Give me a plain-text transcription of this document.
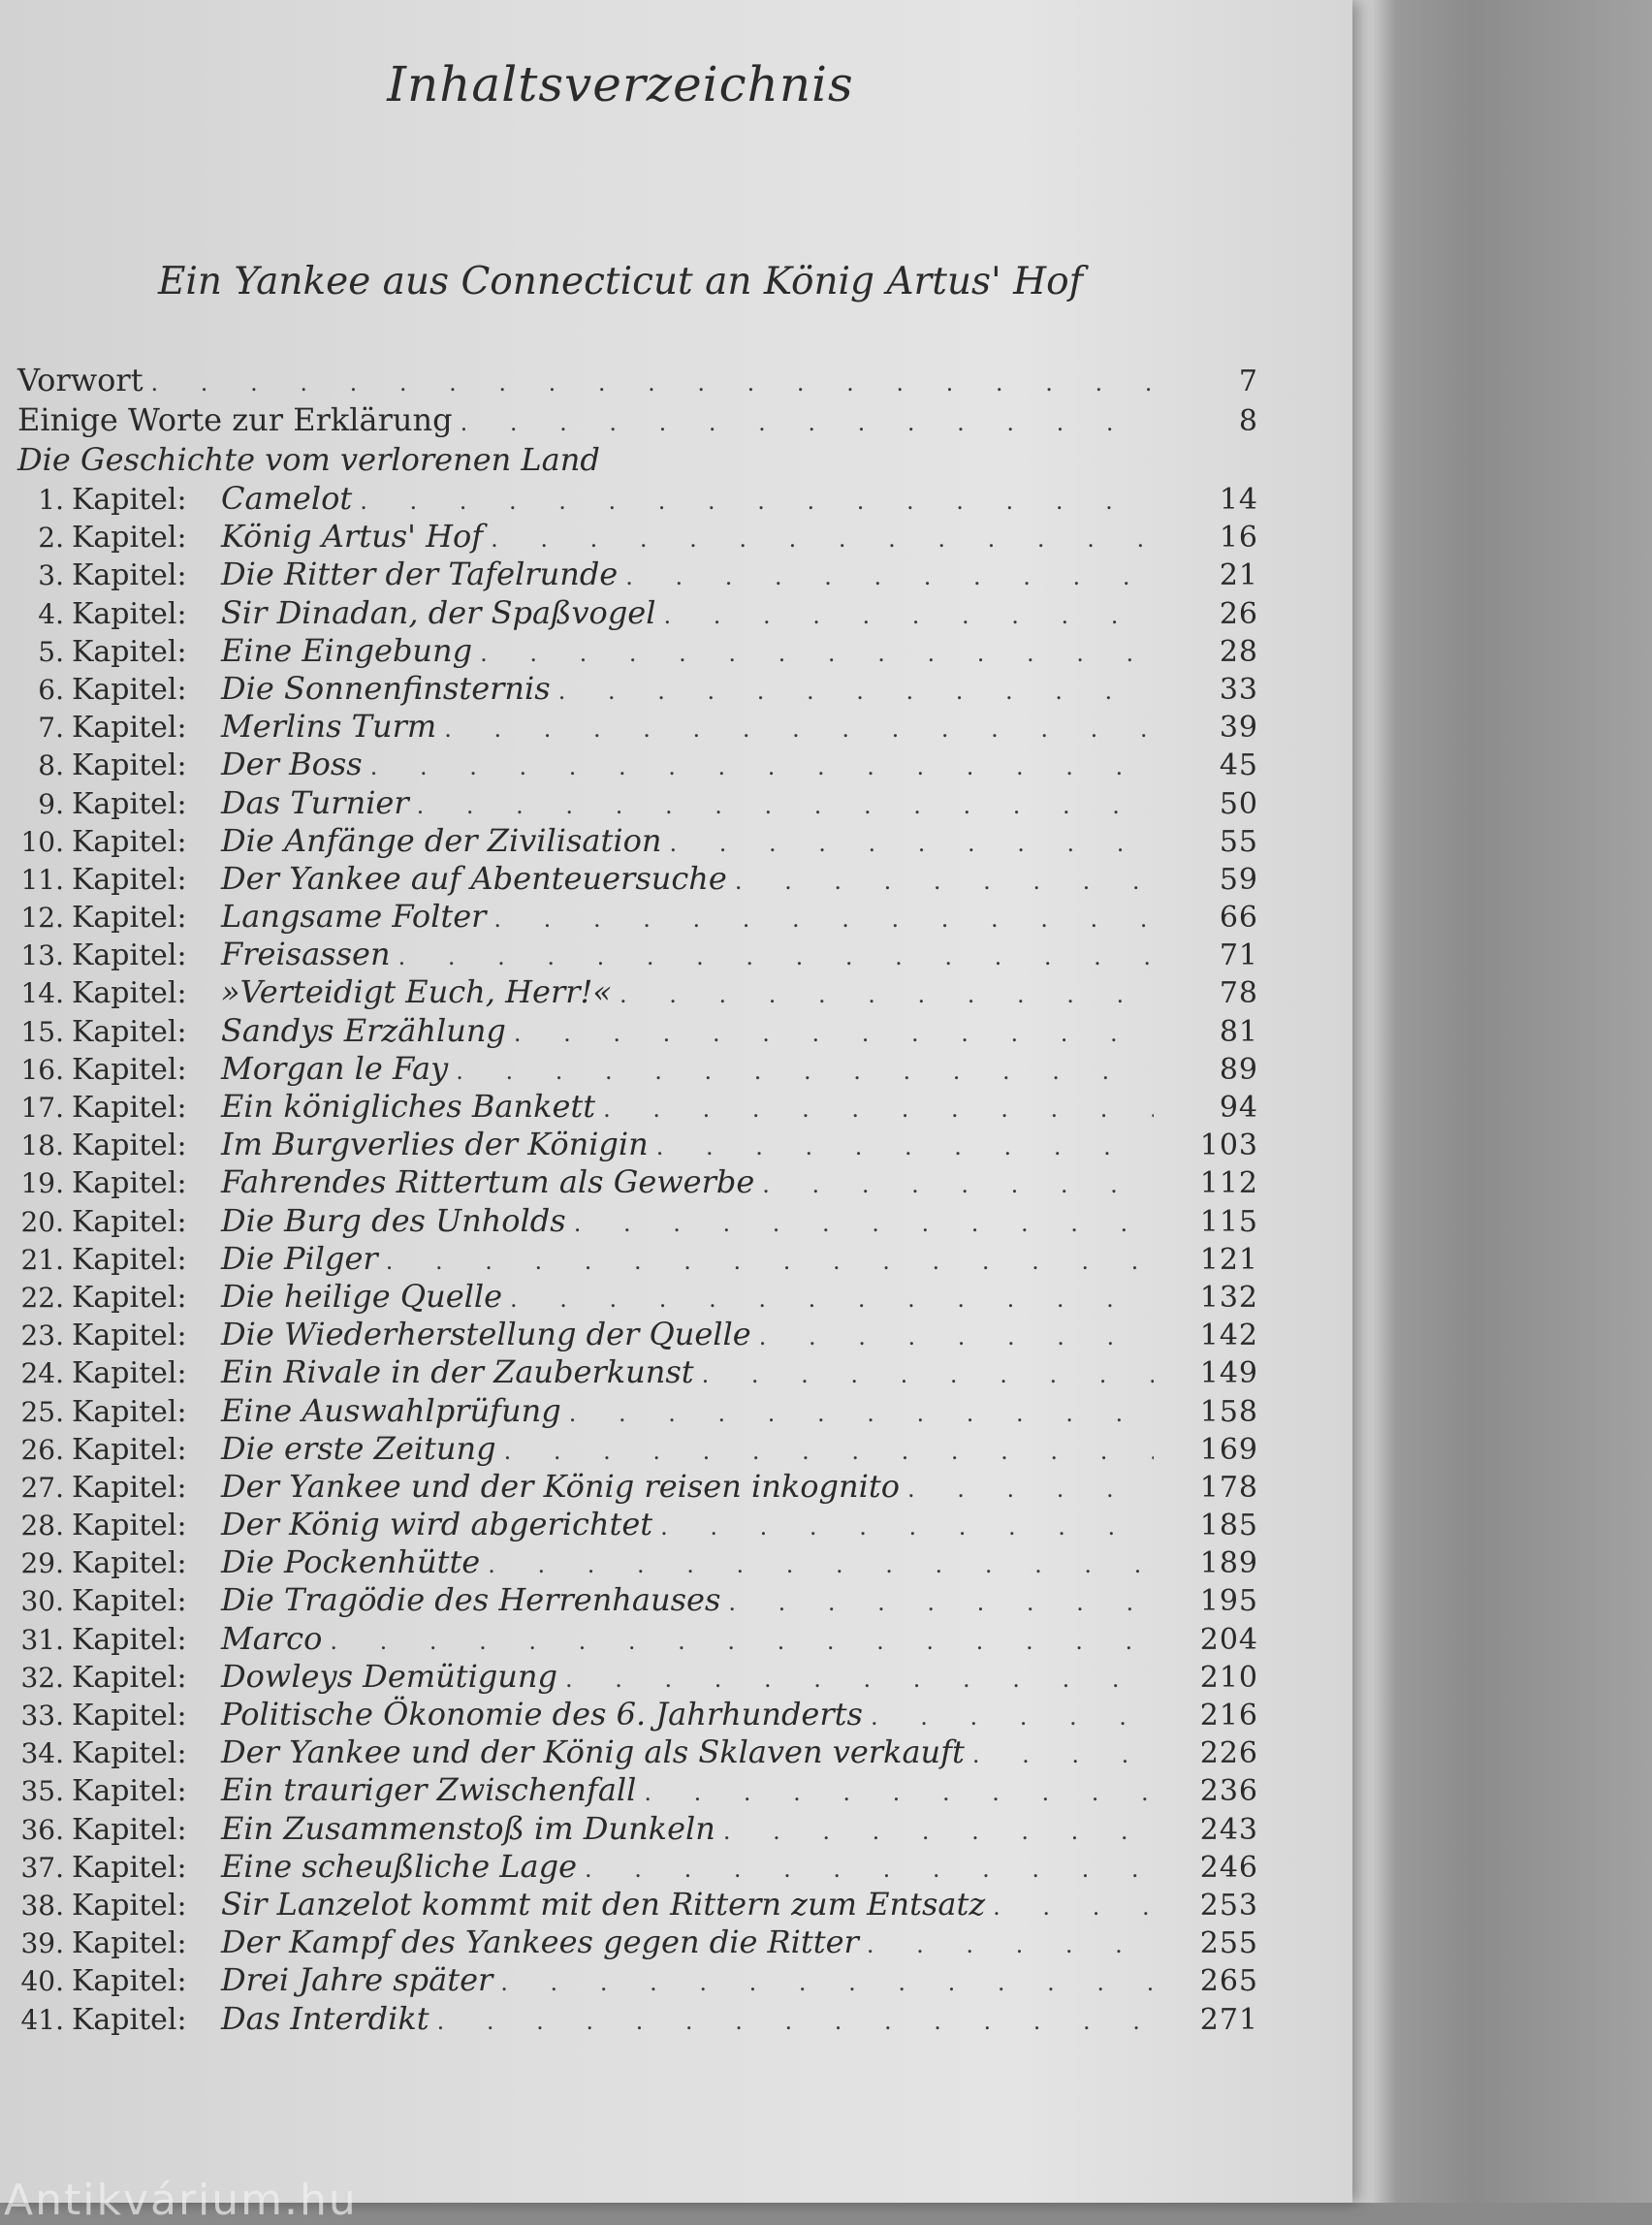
Inhaltsverzeichnis
Ein Yankee aus Connecticut an König Artus' Hof
Vorwort . . .	7
Einige Worte zur Erklärung . . .	8
Die Geschichte vom verlorenen Land
1. Kapitel:	Camelot . . .	14
2. Kapitel:	König Artus' Hof . . .	16
3. Kapitel:	Die Ritter der Tafelrunde . . .	21
4. Kapitel:	Sir Dinadan, der Spaßvogel . . .	26
5. Kapitel:	Eine Eingebung . . .	28
6. Kapitel:	Die Sonnenfinsternis . . .	33
7. Kapitel:	Merlins Turm . . .	39
8. Kapitel:	Der Boss . . .	45
9. Kapitel:	Das Turnier . . .	50
10. Kapitel:	Die Anfänge der Zivilisation . . .	55
11. Kapitel:	Der Yankee auf Abenteuersuche . . .	59
12. Kapitel:	Langsame Folter . . .	66
13. Kapitel:	Freisassen . . .	71
14. Kapitel:	»Verteidigt Euch, Herr!« . . .	78
15. Kapitel:	Sandys Erzählung . . .	81
16. Kapitel:	Morgan le Fay . . .	89
17. Kapitel:	Ein königliches Bankett . . .	94
18. Kapitel:	Im Burgverlies der Königin . . .	103
19. Kapitel:	Fahrendes Rittertum als Gewerbe . . .	112
20. Kapitel:	Die Burg des Unholds . . .	115
21. Kapitel:	Die Pilger . . .	121
22. Kapitel:	Die heilige Quelle . . .	132
23. Kapitel:	Die Wiederherstellung der Quelle . . .	142
24. Kapitel:	Ein Rivale in der Zauberkunst . . .	149
25. Kapitel:	Eine Auswahlprüfung . . .	158
26. Kapitel:	Die erste Zeitung . . .	169
27. Kapitel:	Der Yankee und der König reisen inkognito . . .	178
28. Kapitel:	Der König wird abgerichtet . . .	185
29. Kapitel:	Die Pockenhütte . . .	189
30. Kapitel:	Die Tragödie des Herrenhauses . . .	195
31. Kapitel:	Marco . . .	204
32. Kapitel:	Dowleys Demütigung . . .	210
33. Kapitel:	Politische Ökonomie des 6. Jahrhunderts . . .	216
34. Kapitel:	Der Yankee und der König als Sklaven verkauft . . .	226
35. Kapitel:	Ein trauriger Zwischenfall . . .	236
36. Kapitel:	Ein Zusammenstoß im Dunkeln . . .	243
37. Kapitel:	Eine scheußliche Lage . . .	246
38. Kapitel:	Sir Lanzelot kommt mit den Rittern zum Entsatz . . .	253
39. Kapitel:	Der Kampf des Yankees gegen die Ritter . . .	255
40. Kapitel:	Drei Jahre später . . .	265
41. Kapitel:	Das Interdikt . . .	271
Antikvárium.hu
